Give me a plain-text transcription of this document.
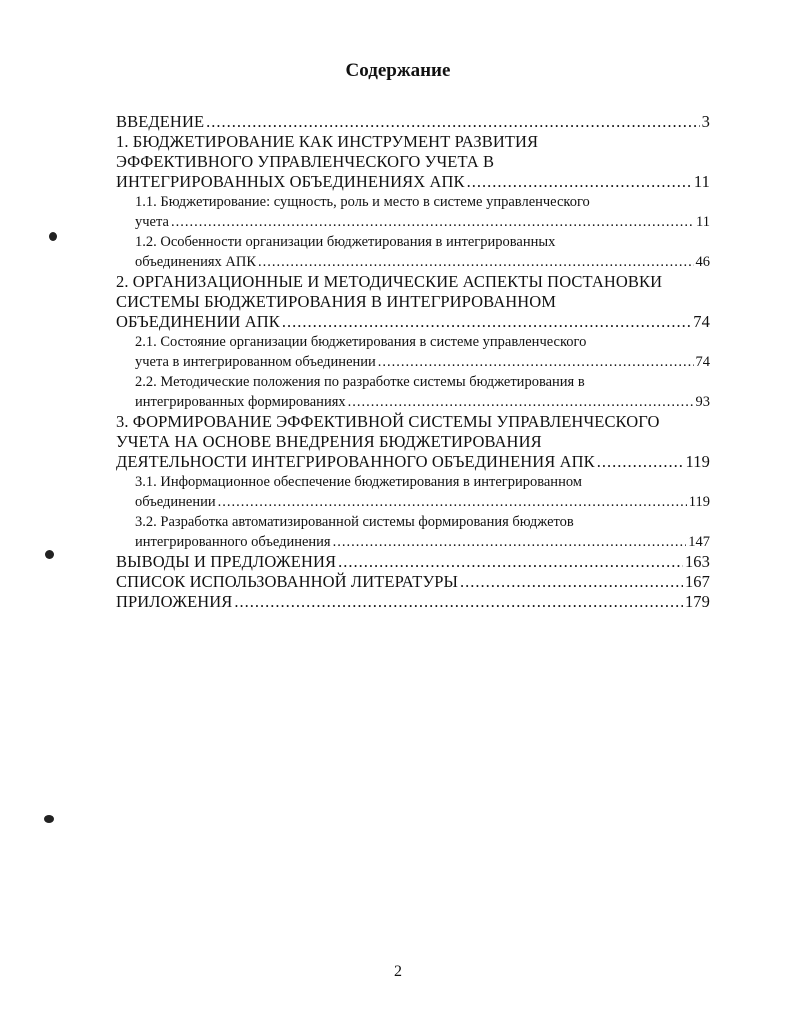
Содержание
ВВЕДЕНИЕ .....	3
1. БЮДЖЕТИРОВАНИЕ КАК ИНСТРУМЕНТ РАЗВИТИЯ
ЭФФЕКТИВНОГО УПРАВЛЕНЧЕСКОГО УЧЕТА В
ИНТЕГРИРОВАННЫХ ОБЪЕДИНЕНИЯХ АПК .....	11
1.1. Бюджетирование: сущность, роль и место в системе управленческого
учета .....	11
1.2. Особенности организации бюджетирования в интегрированных
объединениях АПК .....	46
2. ОРГАНИЗАЦИОННЫЕ И МЕТОДИЧЕСКИЕ АСПЕКТЫ ПОСТАНОВКИ
СИСТЕМЫ БЮДЖЕТИРОВАНИЯ В ИНТЕГРИРОВАННОМ
ОБЪЕДИНЕНИИ АПК .....	74
2.1. Состояние организации бюджетирования в системе управленческого
учета в интегрированном объединении .....	74
2.2. Методические положения по разработке системы бюджетирования в
интегрированных формированиях .....	93
3. ФОРМИРОВАНИЕ ЭФФЕКТИВНОЙ СИСТЕМЫ УПРАВЛЕНЧЕСКОГО
УЧЕТА НА ОСНОВЕ ВНЕДРЕНИЯ БЮДЖЕТИРОВАНИЯ
ДЕЯТЕЛЬНОСТИ ИНТЕГРИРОВАННОГО ОБЪЕДИНЕНИЯ АПК .....	119
3.1. Информационное обеспечение бюджетирования в интегрированном
объединении .....	119
3.2. Разработка автоматизированной системы формирования бюджетов
интегрированного объединения .....	147
ВЫВОДЫ И ПРЕДЛОЖЕНИЯ .....	163
СПИСОК ИСПОЛЬЗОВАННОЙ ЛИТЕРАТУРЫ .....	167
ПРИЛОЖЕНИЯ .....	179
2
